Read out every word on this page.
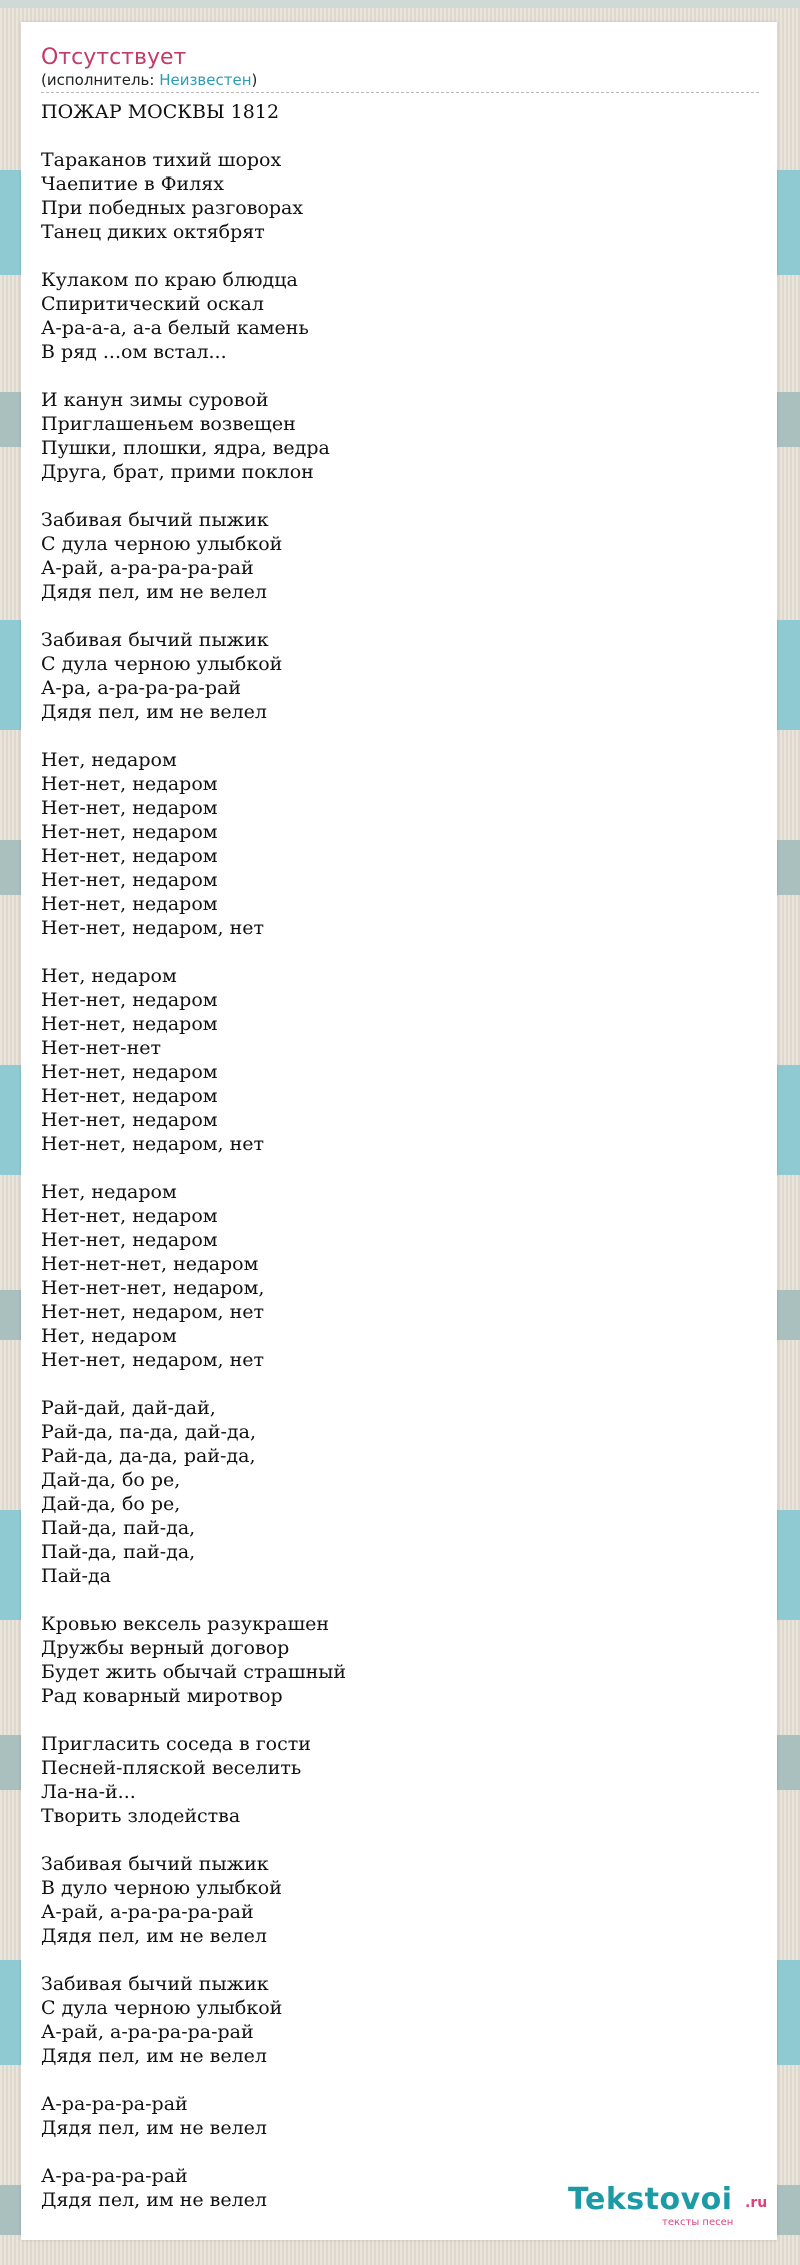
Отсутствует
(исполнитель: Неизвестен)
ПОЖАР МОСКВЫ 1812
Тараканов тихий шорох
Чаепитие в Филях
При победных разговорах
Танец диких октябрят
Кулаком по краю блюдца
Спиритический оскал
А-ра-а-а, а-а белый камень
В ряд ...ом встал...
И канун зимы суровой
Приглашеньем возвещен
Пушки, плошки, ядра, ведра
Друга, брат, прими поклон
Забивая бычий пыжик
С дула черною улыбкой
А-рай, а-ра-ра-ра-рай
Дядя пел, им не велел
Забивая бычий пыжик
С дула черною улыбкой
А-ра, а-ра-ра-ра-рай
Дядя пел, им не велел
Нет, недаром
Нет-нет, недаром
Нет-нет, недаром
Нет-нет, недаром
Нет-нет, недаром
Нет-нет, недаром
Нет-нет, недаром
Нет-нет, недаром, нет
Нет, недаром
Нет-нет, недаром
Нет-нет, недаром
Нет-нет-нет
Нет-нет, недаром
Нет-нет, недаром
Нет-нет, недаром
Нет-нет, недаром, нет
Нет, недаром
Нет-нет, недаром
Нет-нет, недаром
Нет-нет-нет, недаром
Нет-нет-нет, недаром,
Нет-нет, недаром, нет
Нет, недаром
Нет-нет, недаром, нет
Рай-дай, дай-дай,
Рай-да, па-да, дай-да,
Рай-да, да-да, рай-да,
Дай-да, бо ре,
Дай-да, бо ре,
Пай-да, пай-да,
Пай-да, пай-да,
Пай-да
Кровью вексель разукрашен
Дружбы верный договор
Будет жить обычай страшный
Рад коварный миротвор
Пригласить соседа в гости
Песней-пляской веселить
Ла-на-й...
Творить злодейства
Забивая бычий пыжик
В дуло черною улыбкой
А-рай, а-ра-ра-ра-рай
Дядя пел, им не велел
Забивая бычий пыжик
С дула черною улыбкой
А-рай, а-ра-ра-ра-рай
Дядя пел, им не велел
А-ра-ра-ра-рай
Дядя пел, им не велел
А-ра-ра-ра-рай
Дядя пел, им не велел	Tekstovoi .ru
тексты песен
